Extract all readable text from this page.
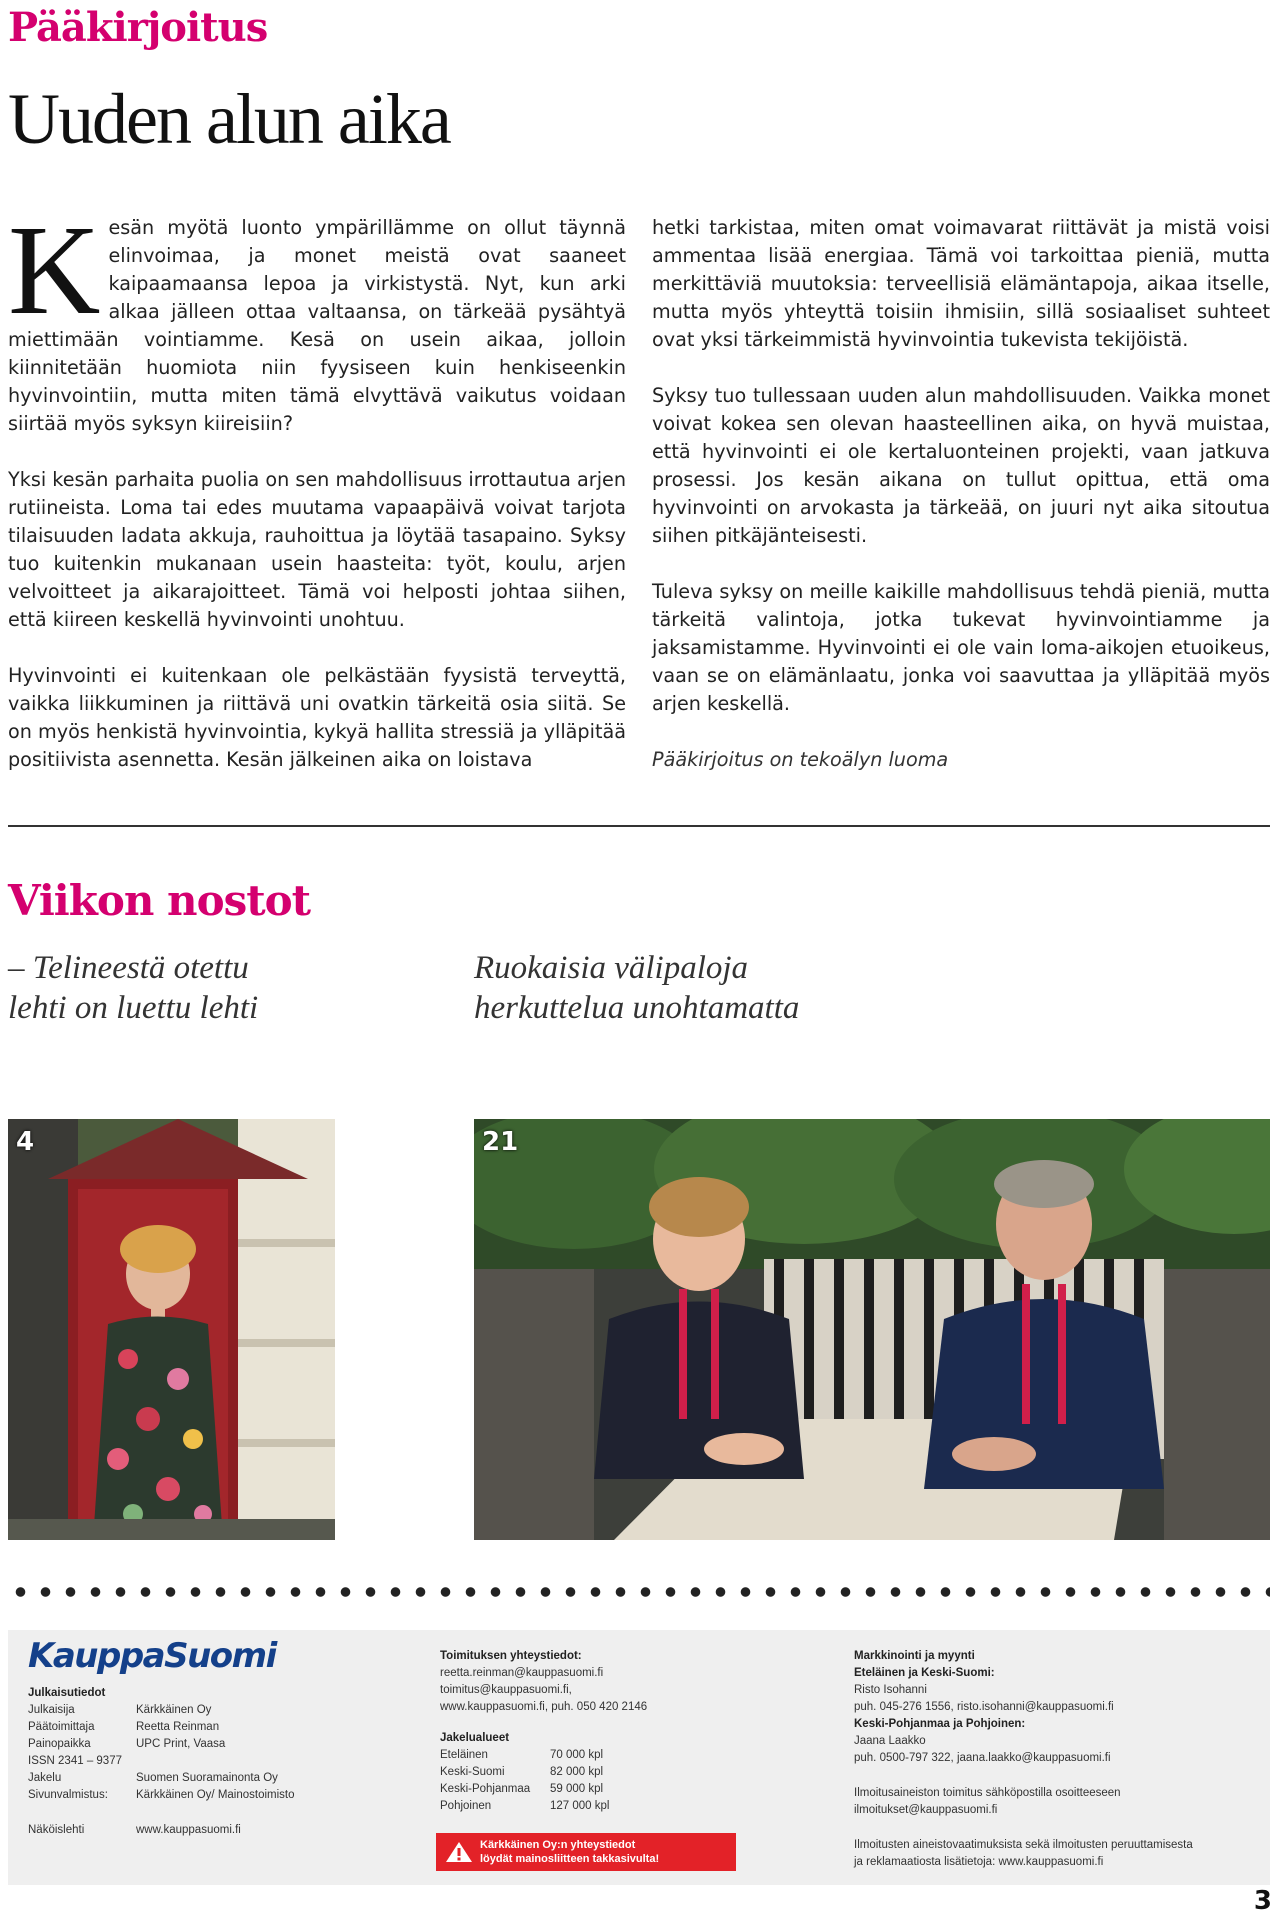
Pääkirjoitus
Uuden alun aika

Kesän myötä luonto ympärillämme on ollut täynnä elinvoimaa, ja monet meistä ovat saaneet kaipaamaansa lepoa ja virkistystä. Nyt, kun arki alkaa jälleen ottaa valtaansa, on tärkeää pysähtyä miettimään vointiamme. Kesä on usein aikaa, jolloin kiinnitetään huomiota niin fyysiseen kuin henkiseenkin hyvinvointiin, mutta miten tämä elvyttävä vaikutus voidaan siirtää myös syksyn kiireisiin?

Yksi kesän parhaita puolia on sen mahdollisuus irrottautua arjen rutiineista. Loma tai edes muutama vapaapäivä voivat tarjota tilaisuuden ladata akkuja, rauhoittua ja löytää tasapaino. Syksy tuo kuitenkin mukanaan usein haasteita: työt, koulu, arjen velvoitteet ja aikarajoitteet. Tämä voi helposti johtaa siihen, että kiireen keskellä hyvinvointi unohtuu.

Hyvinvointi ei kuitenkaan ole pelkästään fyysistä terveyttä, vaikka liikkuminen ja riittävä uni ovatkin tärkeitä osia siitä. Se on myös henkistä hyvinvointia, kykyä hallita stressiä ja ylläpitää positiivista asennetta. Kesän jälkeinen aika on loistava

hetki tarkistaa, miten omat voimavarat riittävät ja mistä voisi ammentaa lisää energiaa. Tämä voi tarkoittaa pieniä, mutta merkittäviä muutoksia: terveellisiä elämäntapoja, aikaa itselle, mutta myös yhteyttä toisiin ihmisiin, sillä sosiaaliset suhteet ovat yksi tärkeimmistä hyvinvointia tukevista tekijöistä.

Syksy tuo tullessaan uuden alun mahdollisuuden. Vaikka monet voivat kokea sen olevan haasteellinen aika, on hyvä muistaa, että hyvinvointi ei ole kertaluonteinen projekti, vaan jatkuva prosessi. Jos kesän aikana on tullut opittua, että oma hyvinvointi on arvokasta ja tärkeää, on juuri nyt aika sitoutua siihen pitkäjänteisesti.

Tuleva syksy on meille kaikille mahdollisuus tehdä pieniä, mutta tärkeitä valintoja, jotka tukevat hyvinvointiamme ja jaksamistamme. Hyvinvointi ei ole vain loma-aikojen etuoikeus, vaan se on elämänlaatu, jonka voi saavuttaa ja ylläpitää myös arjen keskellä.

Pääkirjoitus on tekoälyn luoma

Viikon nostot
– Telineestä otettu
lehti on luettu lehti
Ruokaisia välipaloja
herkuttelua unohtamatta
4	21
KauppaSuomi
Julkaisutiedot
Julkaisija	Kärkkäinen Oy
Päätoimittaja	Reetta Reinman
Painopaikka	UPC Print, Vaasa
ISSN 2341 – 9377
Jakelu	Suomen Suoramainonta Oy
Sivunvalmistus:	Kärkkäinen Oy/ Mainostoimisto
Näköislehti	www.kauppasuomi.fi
Toimituksen yhteystiedot:
reetta.reinman@kauppasuomi.fi
toimitus@kauppasuomi.fi,
www.kauppasuomi.fi, puh. 050 420 2146
Jakelualueet
Eteläinen	70 000 kpl
Keski-Suomi	82 000 kpl
Keski-Pohjanmaa	59 000 kpl
Pohjoinen	127 000 kpl
Kärkkäinen Oy:n yhteystiedot
löydät mainosliitteen takkasivulta!
Markkinointi ja myynti
Eteläinen ja Keski-Suomi:
Risto Isohanni
puh. 045-276 1556, risto.isohanni@kauppasuomi.fi
Keski-Pohjanmaa ja Pohjoinen:
Jaana Laakko
puh. 0500-797 322, jaana.laakko@kauppasuomi.fi
Ilmoitusaineiston toimitus sähköpostilla osoitteeseen
ilmoitukset@kauppasuomi.fi
Ilmoitusten aineistovaatimuksista sekä ilmoitusten peruuttamisesta
ja reklamaatiosta lisätietoja: www.kauppasuomi.fi
3
